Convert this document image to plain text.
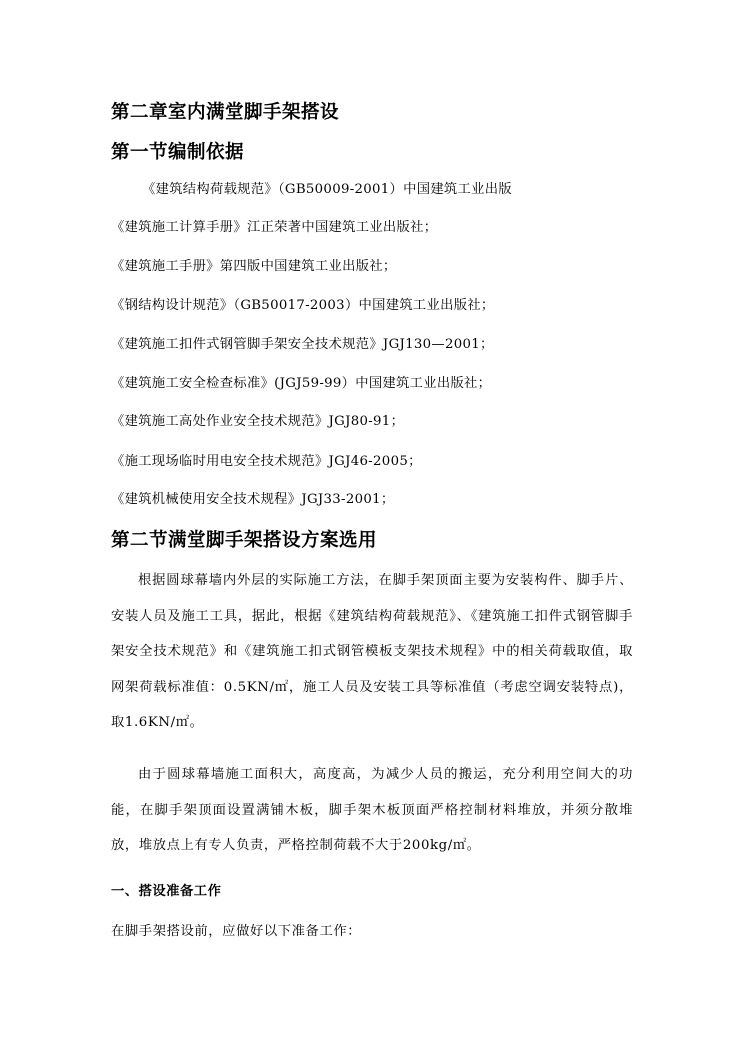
第二章室内满堂脚手架搭设
第一节编制依据
《建筑结构荷载规范》（GB50009-2001）中国建筑工业出版
《建筑施工计算手册》江正荣著中国建筑工业出版社；
《建筑施工手册》第四版中国建筑工业出版社；
《钢结构设计规范》（GB50017-2003）中国建筑工业出版社；
《建筑施工扣件式钢管脚手架安全技术规范》JGJ130—2001；
《建筑施工安全检查标准》(JGJ59-99）中国建筑工业出版社；
《建筑施工高处作业安全技术规范》JGJ80-91；
《施工现场临时用电安全技术规范》JGJ46-2005；
《建筑机械使用安全技术规程》JGJ33-2001；
第二节满堂脚手架搭设方案选用
根据圆球幕墙内外层的实际施工方法，在脚手架顶面主要为安装构件、脚手片、安装人员及施工工具，据此，根据《建筑结构荷载规范》、《建筑施工扣件式钢管脚手架安全技术规范》和《建筑施工扣式钢管模板支架技术规程》中的相关荷载取值，取网架荷载标准值：0.5KN/㎡，施工人员及安装工具等标准值（考虑空调安装特点)，取1.6KN/㎡。
由于圆球幕墙施工面积大，高度高，为减少人员的搬运，充分利用空间大的功能，在脚手架顶面设置满铺木板，脚手架木板顶面严格控制材料堆放，并须分散堆放，堆放点上有专人负责，严格控制荷载不大于200kg/㎡。
一、搭设准备工作
在脚手架搭设前，应做好以下准备工作：
